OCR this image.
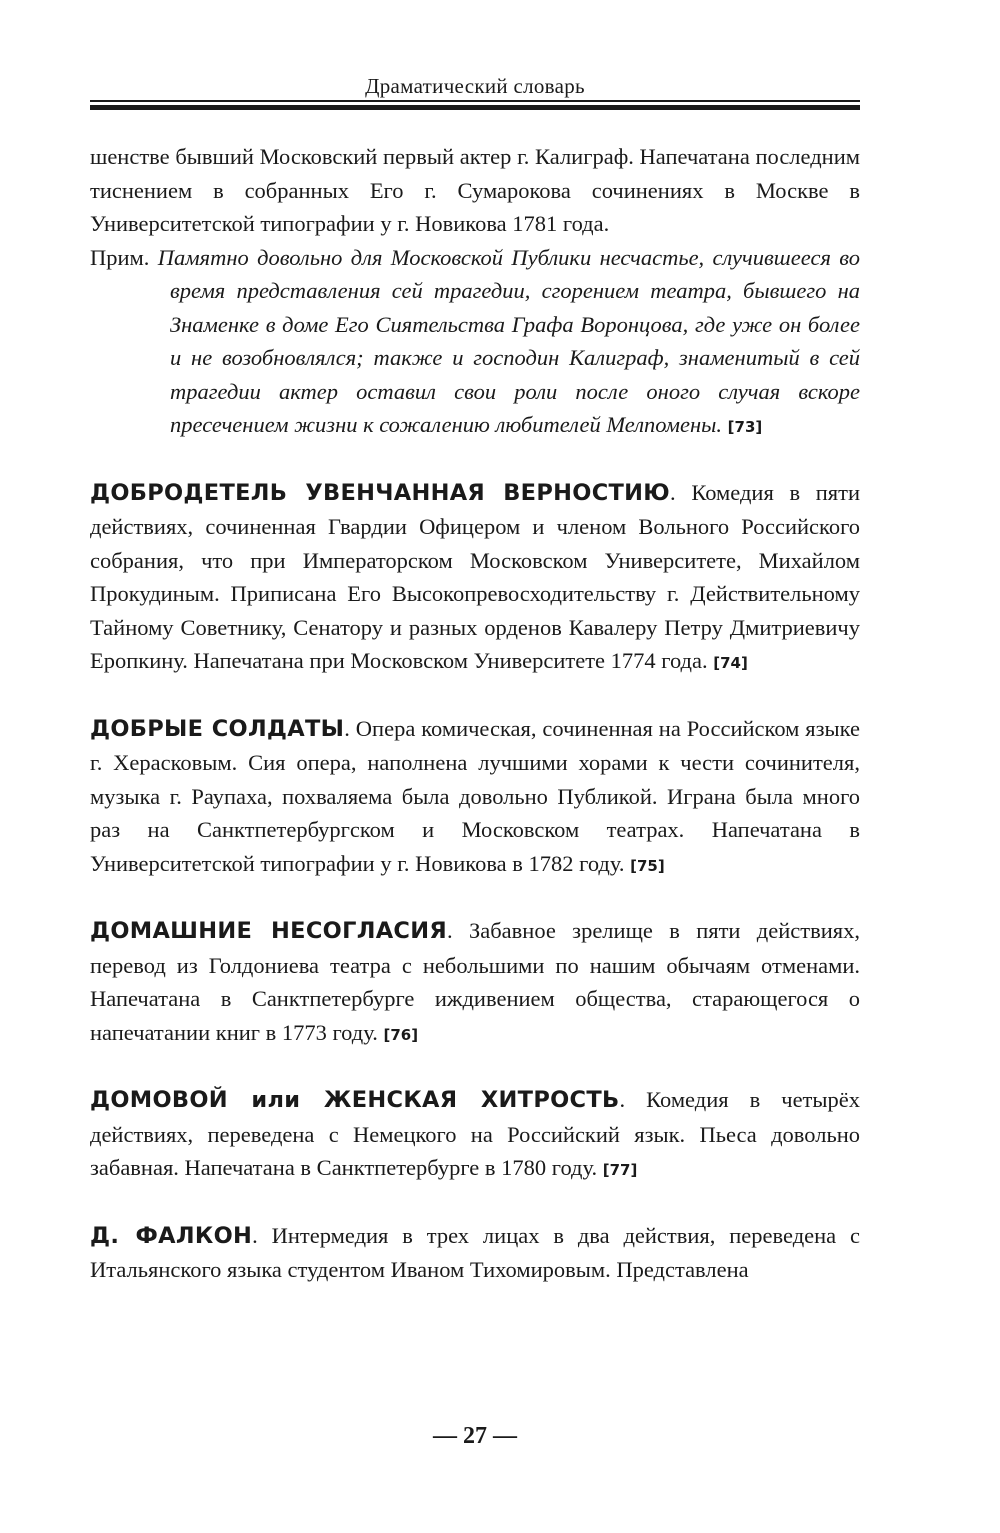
Драматический словарь

шенстве бывший Московский первый актер г. Калиграф. Напечатана последним тиснением в собранных Его г. Сумарокова сочинениях в Москве в Университетской типографии у г. Новикова 1781 года.

Прим. Памятно довольно для Московской Публики несчастье, случившееся во время представления сей трагедии, сгорением театра, бывшего на Знаменке в доме Его Сиятельства Графа Воронцова, где уже он более и не возобновлялся; также и господин Калиграф, знаменитый в сей трагедии актер оставил свои роли после оного случая вскоре пресечением жизни к сожалению любителей Мелпомены. [73]

ДОБРОДЕТЕЛЬ УВЕНЧАННАЯ ВЕРНОСТИЮ. Комедия в пяти действиях, сочиненная Гвардии Офицером и членом Вольного Российского собрания, что при Императорском Московском Университете, Михайлом Прокудиным. Приписана Его Высокопревосходительству г. Действительному Тайному Советнику, Сенатору и разных орденов Кавалеру Петру Дмитриевичу Еропкину. Напечатана при Московском Университете 1774 года. [74]

ДОБРЫЕ СОЛДАТЫ. Опера комическая, сочиненная на Российском языке г. Херасковым. Сия опера, наполнена лучшими хорами к чести сочинителя, музыка г. Раупаха, похваляема была довольно Публикой. Играна была много раз на Санктпетербургском и Московском театрах. Напечатана в Университетской типографии у г. Новикова в 1782 году. [75]

ДОМАШНИЕ НЕСОГЛАСИЯ. Забавное зрелище в пяти действиях, перевод из Голдониева театра с небольшими по нашим обычаям отменами. Напечатана в Санктпетербурге иждивением общества, старающегося о напечатании книг в 1773 году. [76]

ДОМОВОЙ или ЖЕНСКАЯ ХИТРОСТЬ. Комедия в четырёх действиях, переведена с Немецкого на Российский язык. Пьеса довольно забавная. Напечатана в Санктпетербурге в 1780 году. [77]

Д. ФАЛКОН. Интермедия в трех лицах в два действия, переведена с Итальянского языка студентом Иваном Тихомировым. Представлена

— 27 —
